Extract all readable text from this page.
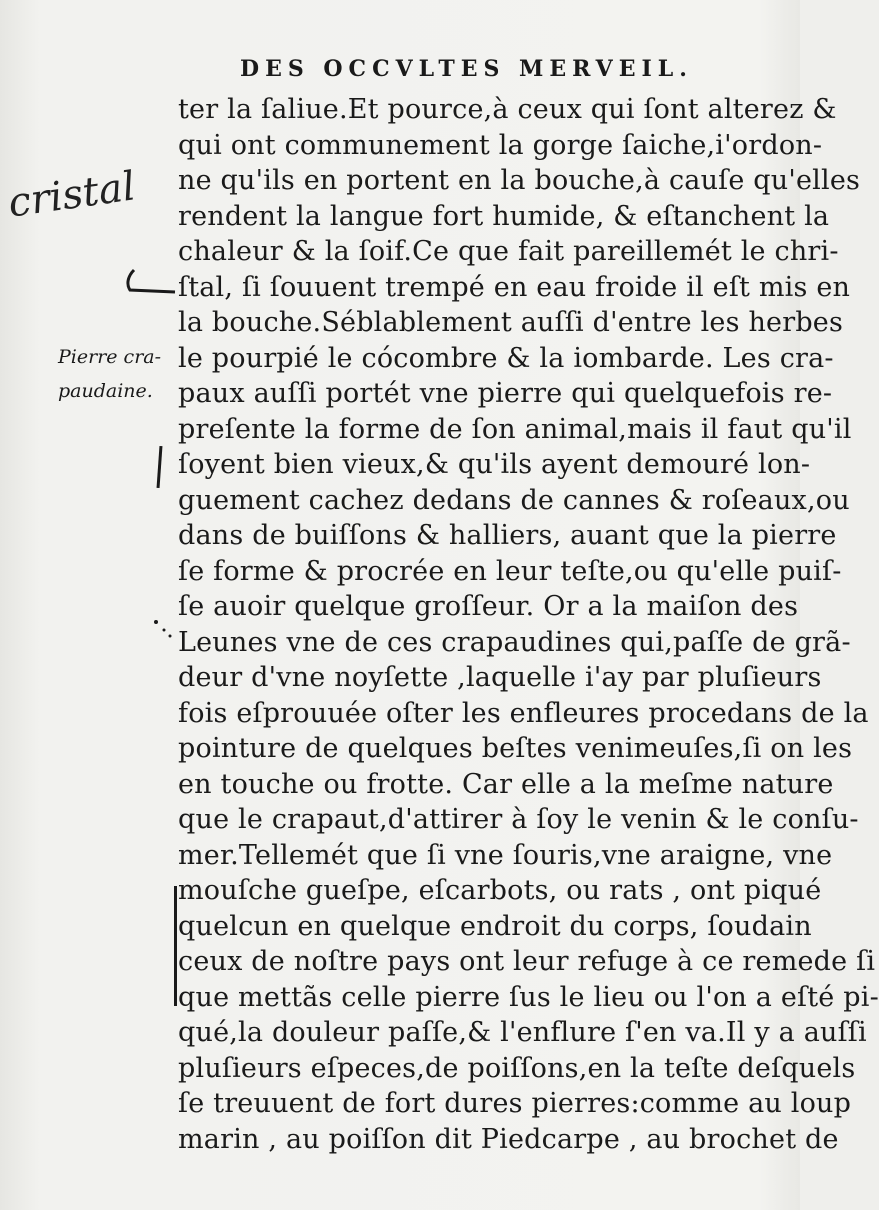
DES OCCVLTES MERVEIL.
cristal
Pierre cra-
paudaine.
ter la ſaliue.Et pource,à ceux qui ſont alterez &
qui ont communement la gorge ſaiche,i'ordon-
ne qu'ils en portent en la bouche,à cauſe qu'elles
rendent la langue fort humide, & eſtanchent la
chaleur & la ſoif.Ce que fait pareillemét le chri-
ſtal, ſi ſouuent trempé en eau froide il eſt mis en
la bouche.Séblablement auſſi d'entre les herbes
le pourpié le cócombre & la iombarde. Les cra-
paux auſſi portét vne pierre qui quelquefois re-
preſente la forme de ſon animal,mais il faut qu'il
ſoyent bien vieux,& qu'ils ayent demouré lon-
guement cachez dedans de cannes & roſeaux,ou
dans de buiſſons & halliers, auant que la pierre
ſe forme & procrée en leur teſte,ou qu'elle puiſ-
ſe auoir quelque groſſeur. Or a la maiſon des
Leunes vne de ces crapaudines qui,paſſe de grã-
deur d'vne noyſette ,laquelle i'ay par pluſieurs
fois eſprouuée oſter les enfleures procedans de la
pointure de quelques beſtes venimeuſes,ſi on les
en touche ou frotte. Car elle a la meſme nature
que le crapaut,d'attirer à ſoy le venin & le conſu-
mer.Tellemét que ſi vne ſouris,vne araigne, vne
mouſche gueſpe, eſcarbots, ou rats , ont piqué
quelcun en quelque endroit du corps, ſoudain
ceux de noſtre pays ont leur refuge à ce remede ſi
que mettãs celle pierre ſus le lieu ou l'on a eſté pi-
qué,la douleur paſſe,& l'enflure ſ'en va.Il y a auſſi
pluſieurs eſpeces,de poiſſons,en la teſte deſquels
ſe treuuent de fort dures pierres:comme au loup
marin , au poiſſon dit Piedcarpe , au brochet de
